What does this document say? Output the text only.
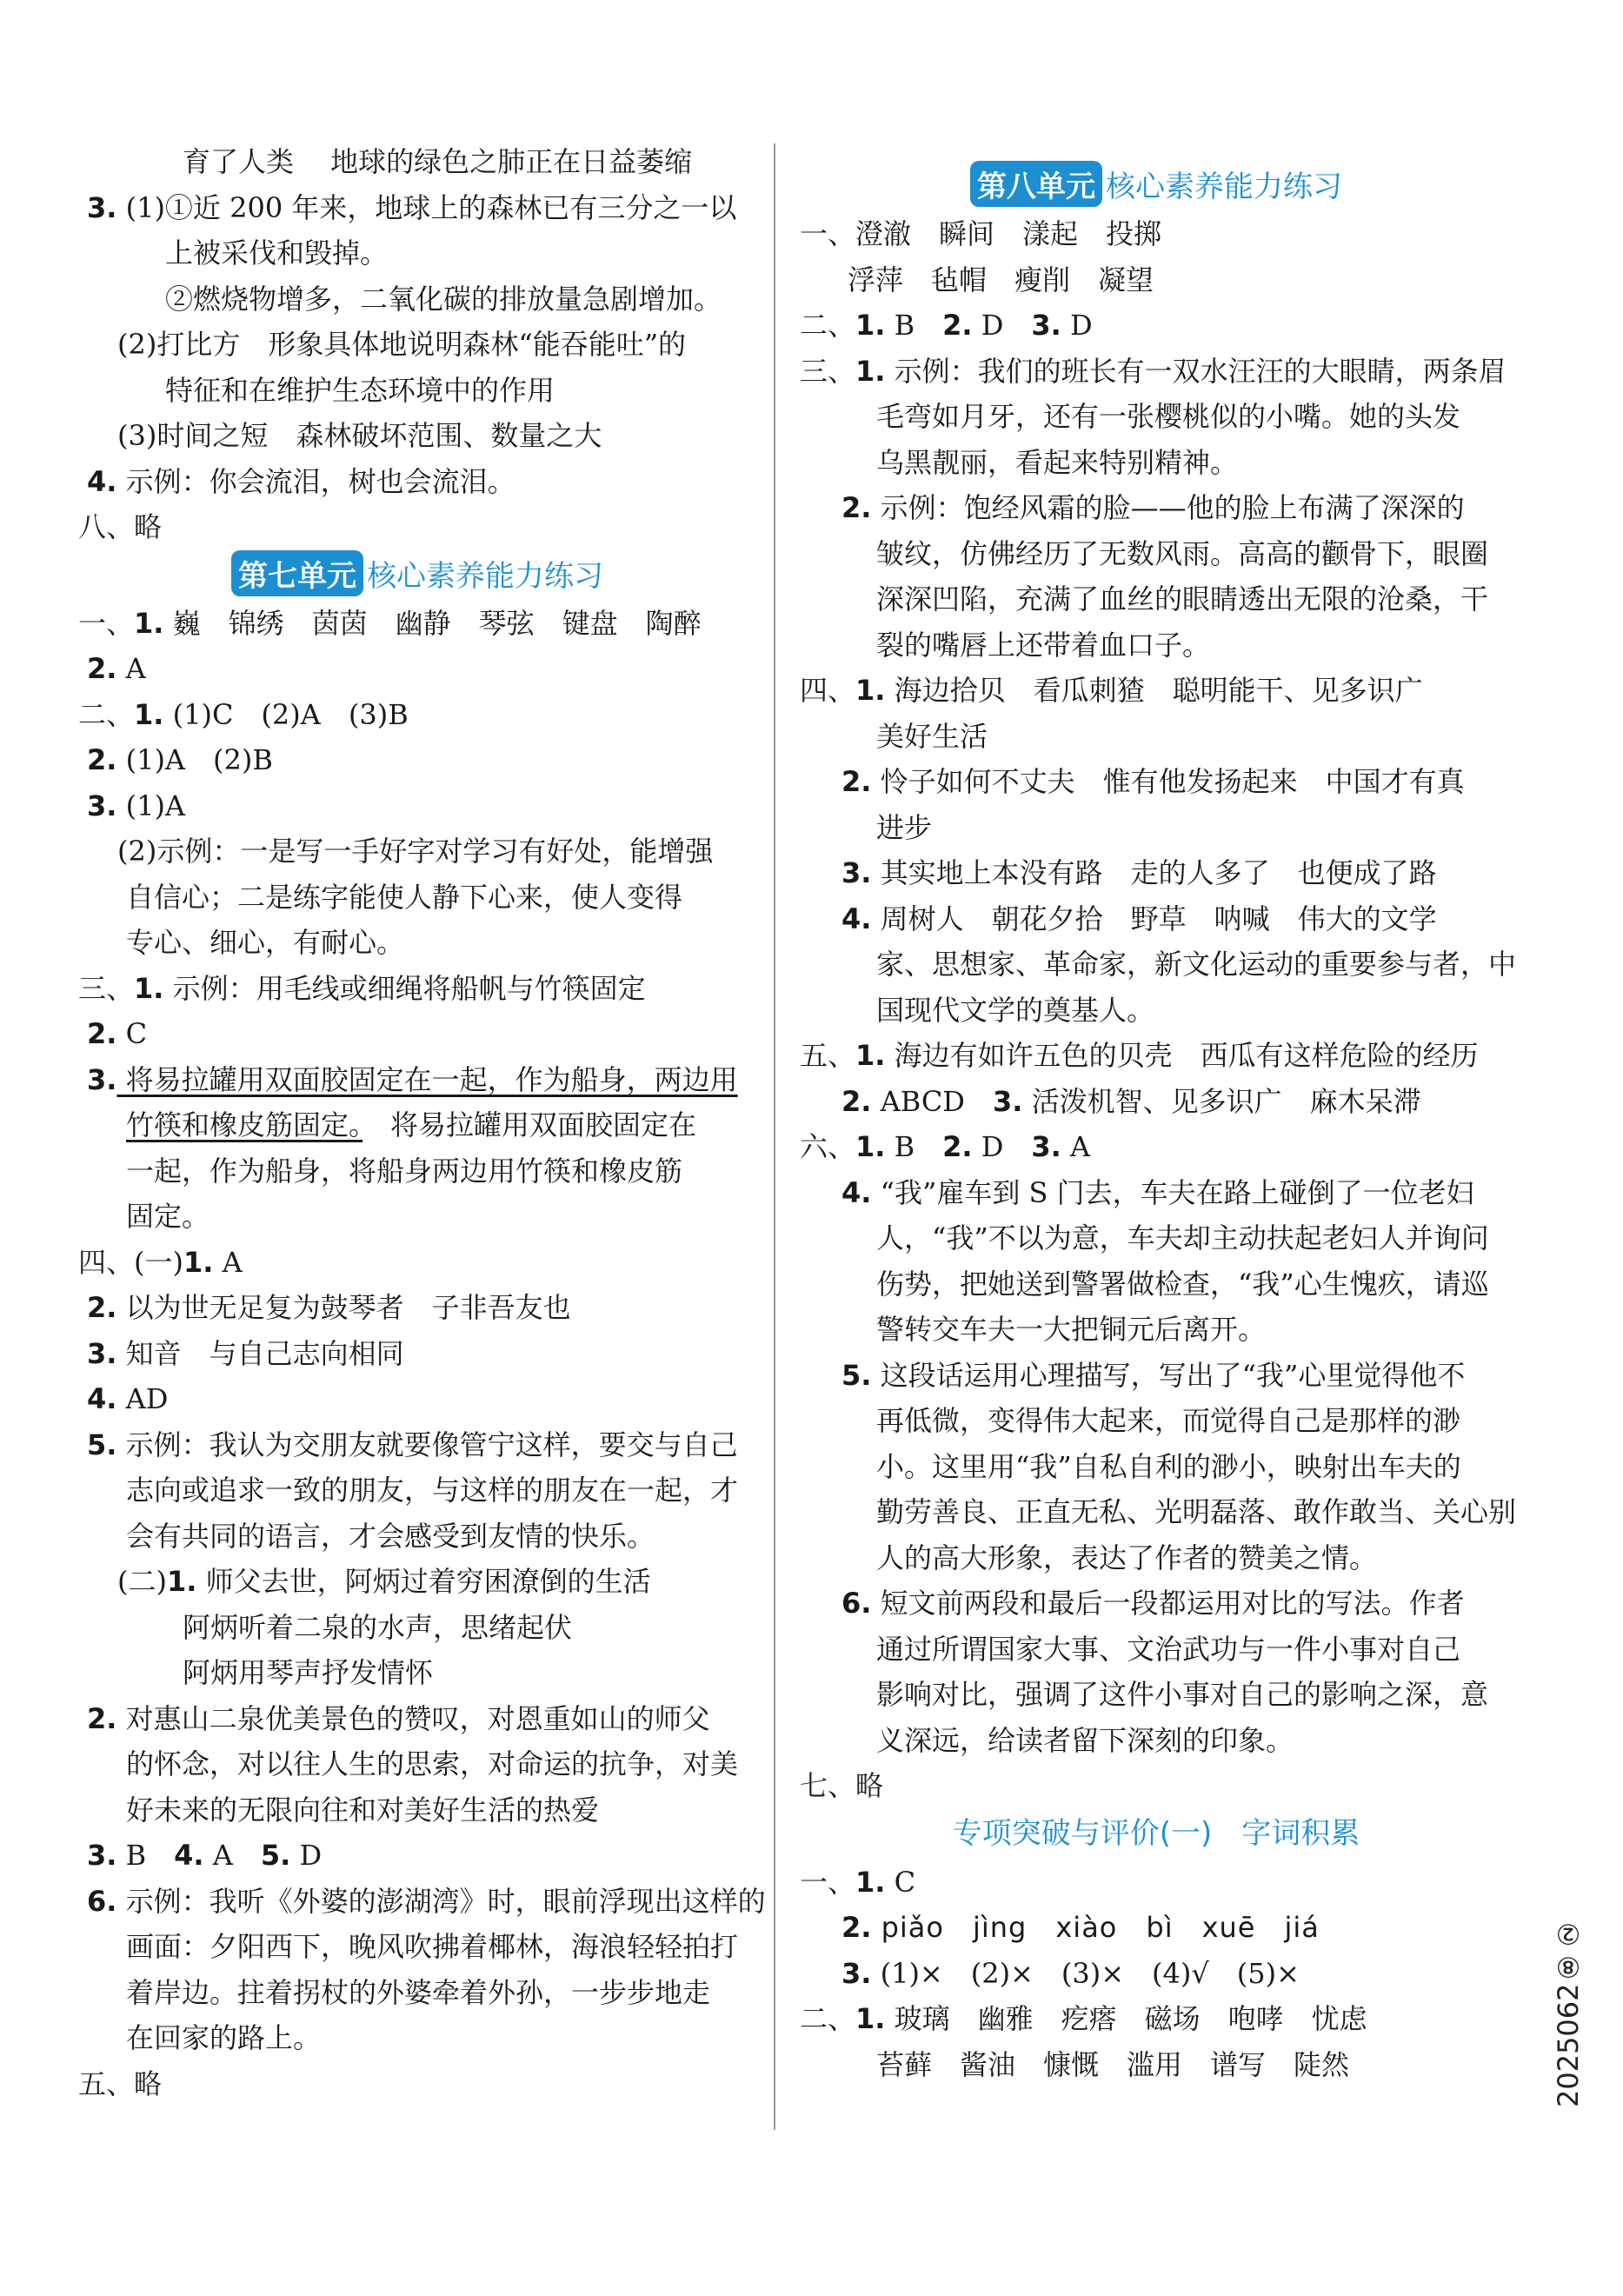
育了人类　 地球的绿色之肺正在日益萎缩
3. (1)①近 200 年来，地球上的森林已有三分之一以
上被采伐和毁掉。
②燃烧物增多，二氧化碳的排放量急剧增加。
(2)打比方　形象具体地说明森林“能吞能吐”的
特征和在维护生态环境中的作用
(3)时间之短　森林破坏范围、数量之大
4. 示例：你会流泪，树也会流泪。
八、略
第七单元 核心素养能力练习
一、1. 巍　锦绣　茵茵　幽静　琴弦　键盘　陶醉
2. A
二、1. (1)C　(2)A　(3)B
2. (1)A　(2)B
3. (1)A
(2)示例：一是写一手好字对学习有好处，能增强
自信心；二是练字能使人静下心来，使人变得
专心、细心，有耐心。
三、1. 示例：用毛线或细绳将船帆与竹筷固定
2. C
3. 将易拉罐用双面胶固定在一起，作为船身，两边用
竹筷和橡皮筋固定。　将易拉罐用双面胶固定在
一起，作为船身，将船身两边用竹筷和橡皮筋
固定。
四、(一)1. A
2. 以为世无足复为鼓琴者　子非吾友也
3. 知音　与自己志向相同
4. AD
5. 示例：我认为交朋友就要像管宁这样，要交与自己
志向或追求一致的朋友，与这样的朋友在一起，才
会有共同的语言，才会感受到友情的快乐。
(二)1. 师父去世，阿炳过着穷困潦倒的生活
阿炳听着二泉的水声，思绪起伏
阿炳用琴声抒发情怀
2. 对惠山二泉优美景色的赞叹，对恩重如山的师父
的怀念，对以往人生的思索，对命运的抗争，对美
好未来的无限向往和对美好生活的热爱
3. B　4. A　5. D
6. 示例：我听《外婆的澎湖湾》时，眼前浮现出这样的
画面：夕阳西下，晚风吹拂着椰林，海浪轻轻拍打
着岸边。拄着拐杖的外婆牵着外孙，一步步地走
在回家的路上。
五、略
第八单元 核心素养能力练习
一、澄澈　瞬间　漾起　投掷
浮萍　毡帽　瘦削　凝望
二、1. B　2. D　3. D
三、1. 示例：我们的班长有一双水汪汪的大眼睛，两条眉
毛弯如月牙，还有一张樱桃似的小嘴。她的头发
乌黑靓丽，看起来特别精神。
2. 示例：饱经风霜的脸——他的脸上布满了深深的
皱纹，仿佛经历了无数风雨。高高的颧骨下，眼圈
深深凹陷，充满了血丝的眼睛透出无限的沧桑，干
裂的嘴唇上还带着血口子。
四、1. 海边拾贝　看瓜刺猹　聪明能干、见多识广
美好生活
2. 怜子如何不丈夫　惟有他发扬起来　中国才有真
进步
3. 其实地上本没有路　走的人多了　也便成了路
4. 周树人　朝花夕拾　野草　呐喊　伟大的文学
家、思想家、革命家，新文化运动的重要参与者，中
国现代文学的奠基人。
五、1. 海边有如许五色的贝壳　西瓜有这样危险的经历
2. ABCD　3. 活泼机智、见多识广　麻木呆滞
六、1. B　2. D　3. A
4. “我”雇车到 S 门去，车夫在路上碰倒了一位老妇
人，“我”不以为意，车夫却主动扶起老妇人并询问
伤势，把她送到警署做检查，“我”心生愧疚，请巡
警转交车夫一大把铜元后离开。
5. 这段话运用心理描写，写出了“我”心里觉得他不
再低微，变得伟大起来，而觉得自己是那样的渺
小。这里用“我”自私自利的渺小，映射出车夫的
勤劳善良、正直无私、光明磊落、敢作敢当、关心别
人的高大形象，表达了作者的赞美之情。
6. 短文前两段和最后一段都运用对比的写法。作者
通过所谓国家大事、文治武功与一件小事对自己
影响对比，强调了这件小事对自己的影响之深，意
义深远，给读者留下深刻的印象。
七、略
专项突破与评价(一)　字词积累
一、1. C
2. piǎo　jìng　xiào　bì　xuē　jiá
3. (1)×　(2)×　(3)×　(4)√　(5)×
二、1. 玻璃　幽雅　疙瘩　磁场　咆哮　忧虑
苔藓　酱油　慷慨　滥用　谱写　陡然	2025062⑧②
